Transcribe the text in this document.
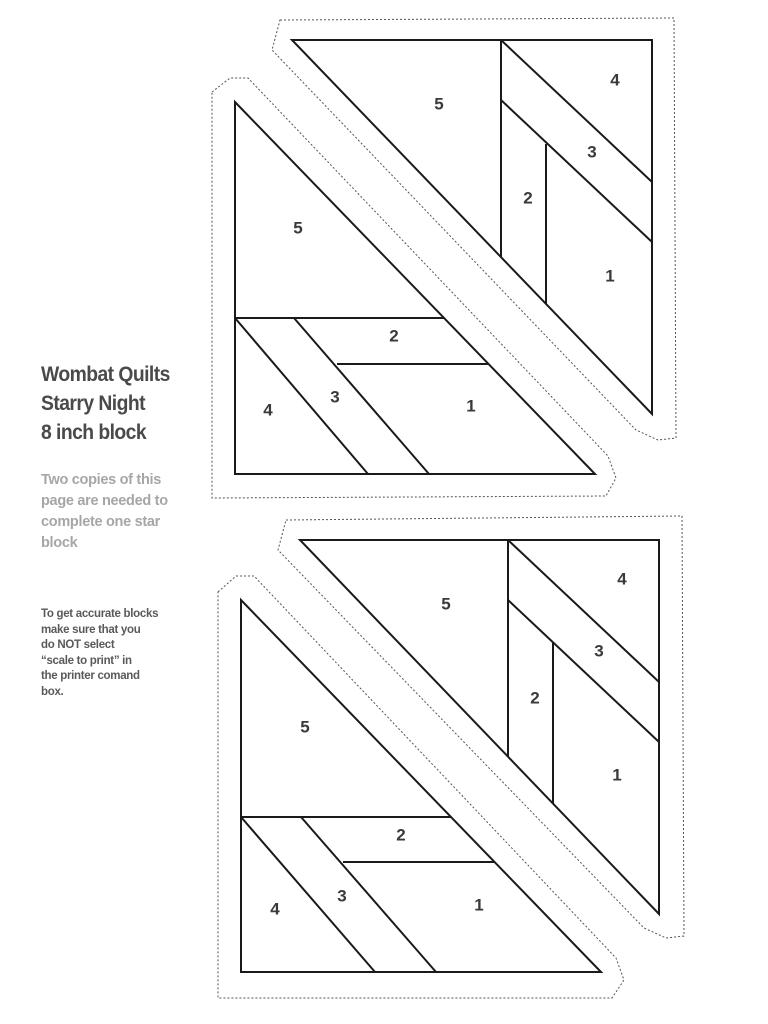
5
2
3
4	1
5
4
3
2
1
5
2
3
4	1
5
4
3
2
1
Wombat Quilts
Starry Night
8 inch block
Two copies of this
page are needed to
complete one star
block
To get accurate blocks
make sure that you
do NOT select
“scale to print” in
the printer comand
box.
